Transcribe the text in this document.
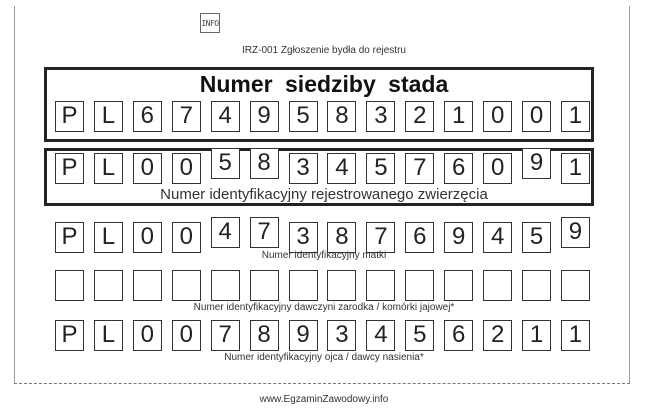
INFO
IRZ-001 Zgłoszenie bydła do rejestru
Numer siedziby stada
P	L	6	7	4	9	5	8	3	2	1	0	0	1
P	L	0	0	5	8	3	4	5	7	6	0	9	1
Numer identyfikacyjny rejestrowanego zwierzęcia
P	L	0	0	4	7	3	8	7	6	9	4	5	9
Numer identyfikacyjny matki
Numer identyfikacyjny dawczyni zarodka / komórki jajowej*
P	L	0	0	7	8	9	3	4	5	6	2	1	1
Numer identyfikacyjny ojca / dawcy nasienia*
www.EgzaminZawodowy.info
